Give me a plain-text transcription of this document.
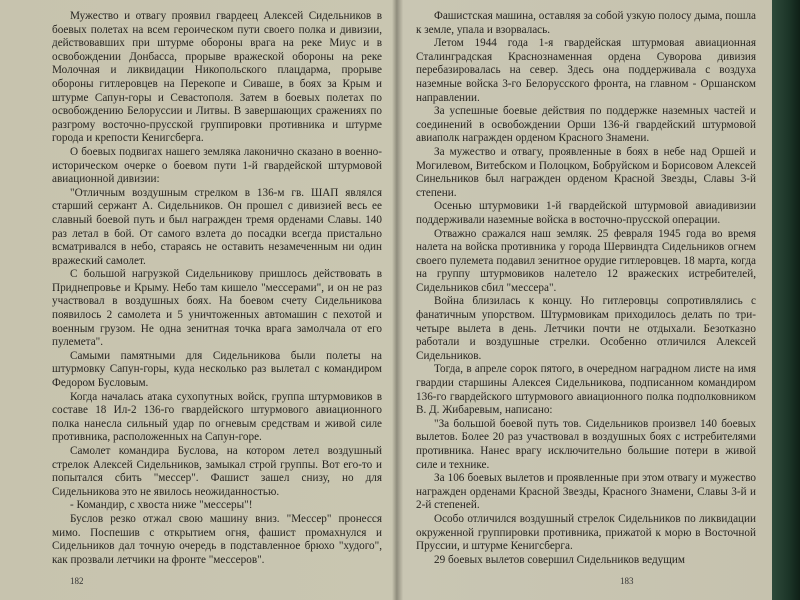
Мужество и отвагу проявил гвардеец Алексей Сидельников в боевых полетах на всем героическом пути своего полка и дивизии, действовавших при штурме обороны врага на реке Миус и в освобождении Донбасса, прорыве вражеской обороны на реке Молочная и ликвидации Никопольского плацдарма, прорыве обороны гитлеровцев на Перекопе и Сиваше, в боях за Крым и штурме Сапун-горы и Севастополя. Затем в боевых полетах по освобождению Белоруссии и Литвы. В завершающих сражениях по разгрому восточно-прусской группировки противника и штурме города и крепости Кенигсберга.

О боевых подвигах нашего земляка лаконично сказано в военно-историческом очерке о боевом пути 1-й гвардейской штурмовой авиационной дивизии:

"Отличным воздушным стрелком в 136-м гв. ШАП являлся старший сержант А. Сидельников. Он прошел с дивизией весь ее славный боевой путь и был награжден тремя орденами Славы. 140 раз летал в бой. От самого взлета до посадки всегда пристально всматривался в небо, стараясь не оставить незамеченным ни один вражеский самолет.

С большой нагрузкой Сидельникову пришлось действовать в Приднепровье и Крыму. Небо там кишело "мессерами", и он не раз участвовал в воздушных боях. На боевом счету Сидельникова появилось 2 самолета и 5 уничтоженных автомашин с пехотой и военным грузом. Не одна зенитная точка врага замолчала от его пулемета".

Самыми памятными для Сидельникова были полеты на штурмовку Сапун-горы, куда несколько раз вылетал с командиром Федором Бусловым.

Когда началась атака сухопутных войск, группа штурмовиков в составе 18 Ил-2 136-го гвардейского штурмового авиационного полка нанесла сильный удар по огневым средствам и живой силе противника, расположенных на Сапун-горе.

Самолет командира Буслова, на котором летел воздушный стрелок Алексей Сидельников, замыкал строй группы. Вот его-то и попытался сбить "мессер". Фашист зашел снизу, но для Сидельникова это не явилось неожиданностью.

- Командир, с хвоста ниже "мессеры"!

Буслов резко отжал свою машину вниз. "Мессер" пронесся мимо. Поспешив с открытием огня, фашист промахнулся и Сидельников дал точную очередь в подставленное брюхо "худого", как прозвали летчики на фронте "мессеров".

182

Фашистская машина, оставляя за собой узкую полосу дыма, пошла к земле, упала и взорвалась.

Летом 1944 года 1-я гвардейская штурмовая авиационная Сталинградская Краснознаменная ордена Суворова дивизия перебазировалась на север. Здесь она поддерживала с воздуха наземные войска 3-го Белорусского фронта, на главном - Оршанском направлении.

За успешные боевые действия по поддержке наземных частей и соединений в освобождении Орши 136-й гвардейский штурмовой авиаполк награжден орденом Красного Знамени.

За мужество и отвагу, проявленные в боях в небе над Оршей и Могилевом, Витебском и Полоцком, Бобруйском и Борисовом Алексей Синельников был награжден орденом Красной Звезды, Славы 3-й степени.

Осенью штурмовики 1-й гвардейской штурмовой авиадивизии поддерживали наземные войска в восточно-прусской операции.

Отважно сражался наш земляк. 25 февраля 1945 года во время налета на войска противника у города Шервиндта Сидельников огнем своего пулемета подавил зенитное орудие гитлеровцев. 18 марта, когда на группу штурмовиков налетело 12 вражеских истребителей, Сидельников сбил "мессера".

Война близилась к концу. Но гитлеровцы сопротивлялись с фанатичным упорством. Штурмовикам приходилось делать по три-четыре вылета в день. Летчики почти не отдыхали. Безотказно работали и воздушные стрелки. Особенно отличился Алексей Сидельников.

Тогда, в апреле сорок пятого, в очередном наградном листе на имя гвардии старшины Алексея Сидельникова, подписанном командиром 136-го гвардейского штурмового авиационного полка подполковником В. Д. Жибаревым, написано:

"За большой боевой путь тов. Сидельников произвел 140 боевых вылетов. Более 20 раз участвовал в воздушных боях с истребителями противника. Нанес врагу исключительно большие потери в живой силе и технике.

За 106 боевых вылетов и проявленные при этом отвагу и мужество награжден орденами Красной Звезды, Красного Знамени, Славы 3-й и 2-й степеней.

Особо отличился воздушный стрелок Сидельников по ликвидации окруженной группировки противника, прижатой к морю в Восточной Пруссии, и штурме Кенигсберга.

29 боевых вылетов совершил Сидельников ведущим

183
